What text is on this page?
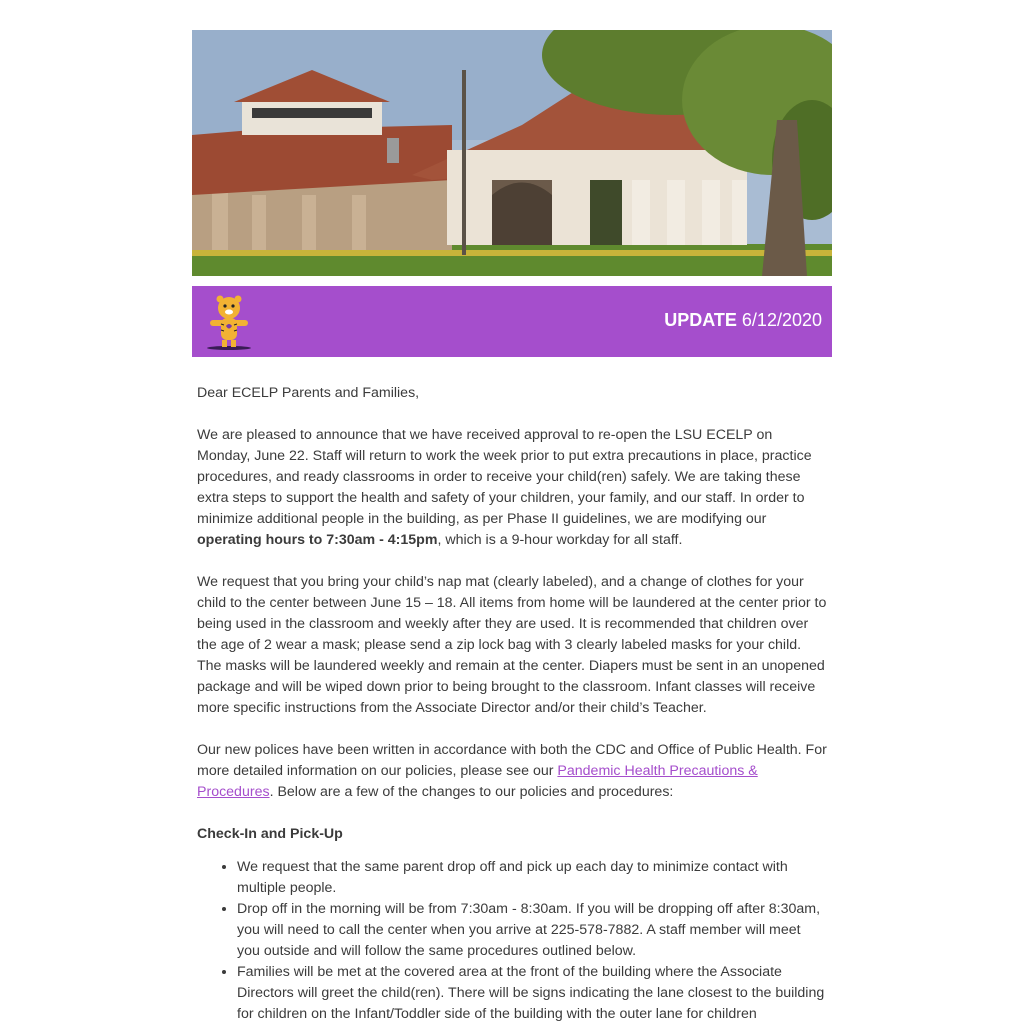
UPDATE 6/12/2020

Dear ECELP Parents and Families,

We are pleased to announce that we have received approval to re-open the LSU ECELP on Monday, June 22. Staff will return to work the week prior to put extra precautions in place, practice procedures, and ready classrooms in order to receive your child(ren) safely. We are taking these extra steps to support the health and safety of your children, your family, and our staff. In order to minimize additional people in the building, as per Phase II guidelines, we are modifying our operating hours to 7:30am - 4:15pm, which is a 9-hour workday for all staff.

We request that you bring your child’s nap mat (clearly labeled), and a change of clothes for your child to the center between June 15 – 18. All items from home will be laundered at the center prior to being used in the classroom and weekly after they are used. It is recommended that children over the age of 2 wear a mask; please send a zip lock bag with 3 clearly labeled masks for your child. The masks will be laundered weekly and remain at the center. Diapers must be sent in an unopened package and will be wiped down prior to being brought to the classroom. Infant classes will receive more specific instructions from the Associate Director and/or their child’s Teacher.

Our new polices have been written in accordance with both the CDC and Office of Public Health. For more detailed information on our policies, please see our Pandemic Health Precautions & Procedures. Below are a few of the changes to our policies and procedures:

Check-In and Pick-Up
• We request that the same parent drop off and pick up each day to minimize contact with multiple people.
• Drop off in the morning will be from 7:30am - 8:30am. If you will be dropping off after 8:30am, you will need to call the center when you arrive at 225-578-7882. A staff member will meet you outside and will follow the same procedures outlined below.
• Families will be met at the covered area at the front of the building where the Associate Directors will greet the child(ren). There will be signs indicating the lane closest to the building for children on the Infant/Toddler side of the building with the outer lane for children
